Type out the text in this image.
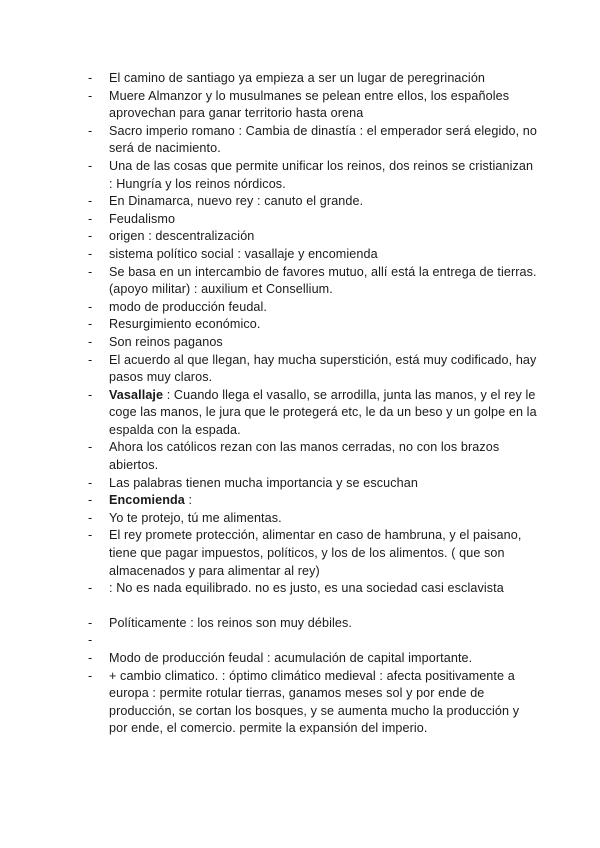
- El camino de santiago ya empieza a ser un lugar de peregrinación
- Muere Almanzor y lo musulmanes se pelean entre ellos, los españoles aprovechan para ganar territorio hasta orena
- Sacro imperio romano : Cambia de dinastía : el emperador será elegido, no será de nacimiento.
- Una de las cosas que permite unificar los reinos, dos reinos se cristianizan : Hungría y los reinos nórdicos.
- En Dinamarca, nuevo rey : canuto el grande.
- Feudalismo
- origen : descentralización
- sistema político social : vasallaje y encomienda
- Se basa en un intercambio de favores mutuo, allí está la entrega de tierras. (apoyo militar) : auxilium et Consellium.
- modo de producción feudal.
- Resurgimiento económico.
- Son reinos paganos
- El acuerdo al que llegan, hay mucha superstición, está muy codificado, hay pasos muy claros.
- Vasallaje : Cuando llega el vasallo, se arrodilla, junta las manos, y el rey le coge las manos, le jura que le protegerá etc, le da un beso y un golpe en la espalda con la espada.
- Ahora los católicos rezan con las manos cerradas, no con los brazos abiertos.
- Las palabras tienen mucha importancia y se escuchan
- Encomienda :
- Yo te protejo, tú me alimentas.
- El rey promete protección, alimentar en caso de hambruna, y el paisano, tiene que pagar impuestos, políticos, y los de los alimentos. ( que son almacenados y para alimentar al rey)
- : No es nada equilibrado. no es justo, es una sociedad casi esclavista
- Políticamente : los reinos son muy débiles.
-
- Modo de producción feudal : acumulación de capital importante.
- + cambio climatico. : óptimo climático medieval : afecta positivamente a europa : permite rotular tierras, ganamos meses sol y por ende de producción, se cortan los bosques, y se aumenta mucho la producción y por ende, el comercio. permite la expansión del imperio.
